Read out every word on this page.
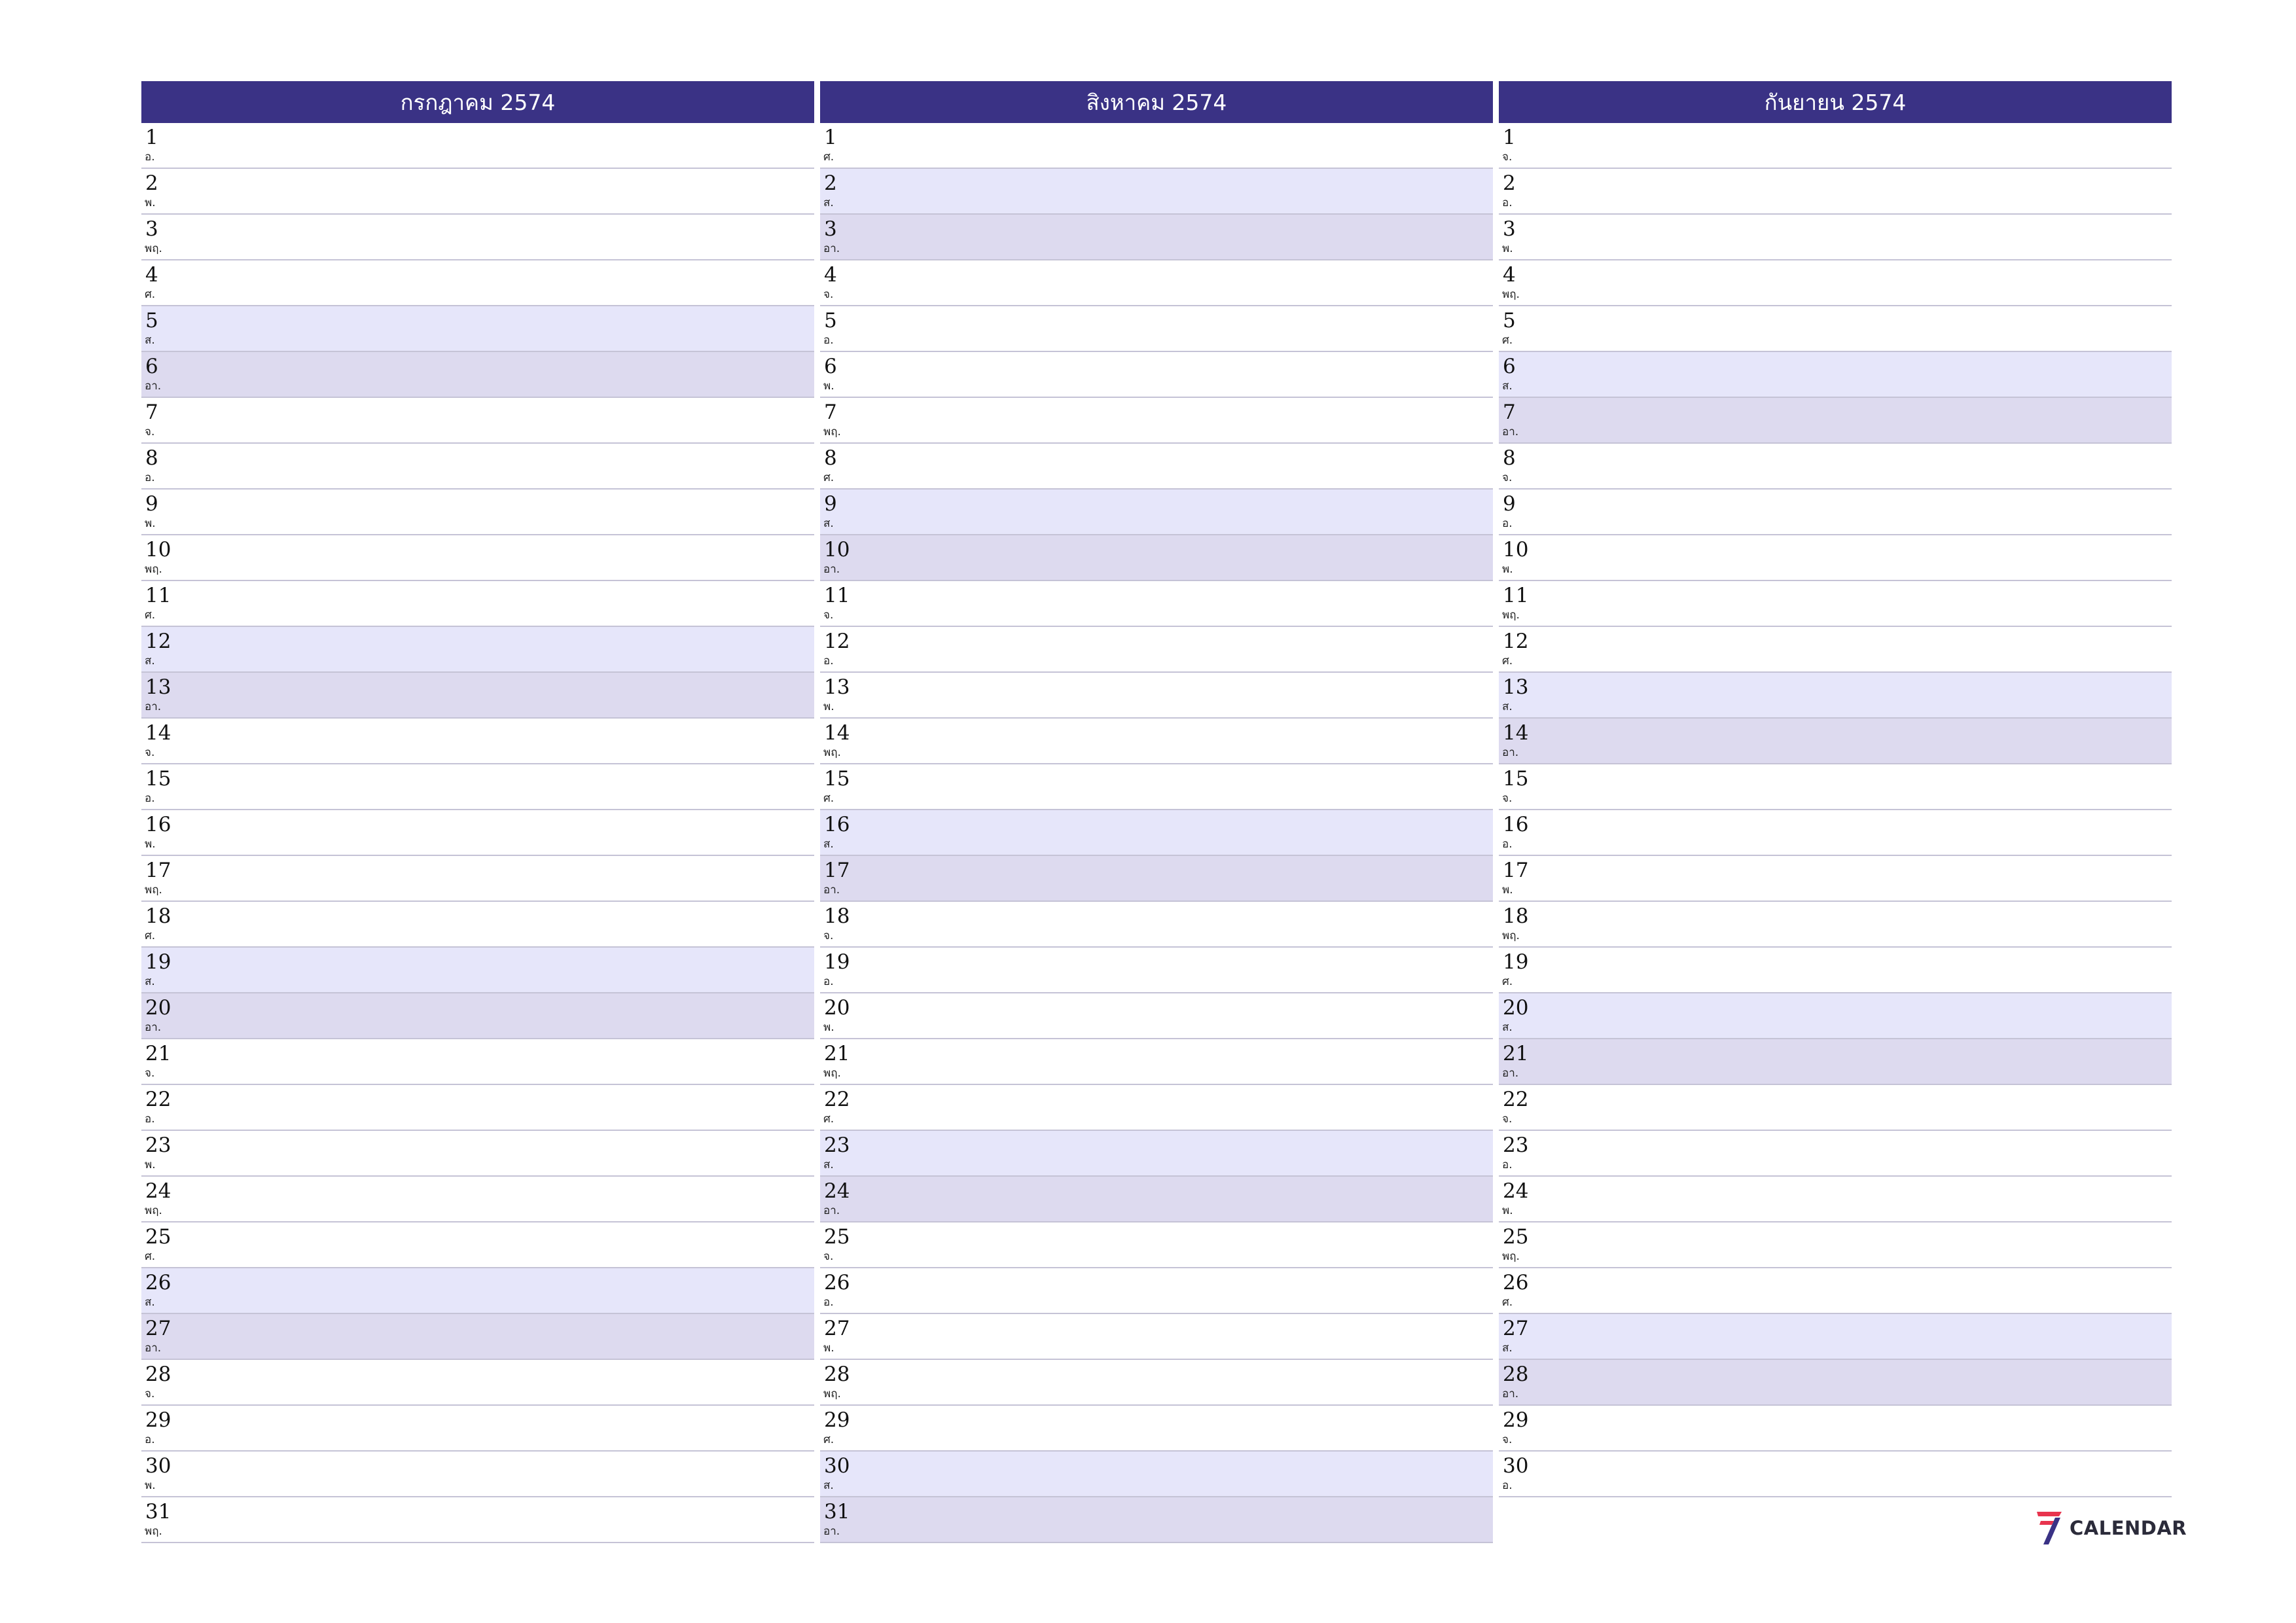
กรกฎาคม 2574
1
อ.
2
พ.
3
พฤ.
4
ศ.
5
ส.
6
อา.
7
จ.
8
อ.
9
พ.
10
พฤ.
11
ศ.
12
ส.
13
อา.
14
จ.
15
อ.
16
พ.
17
พฤ.
18
ศ.
19
ส.
20
อา.
21
จ.
22
อ.
23
พ.
24
พฤ.
25
ศ.
26
ส.
27
อา.
28
จ.
29
อ.
30
พ.
31
พฤ.
สิงหาคม 2574
1
ศ.
2
ส.
3
อา.
4
จ.
5
อ.
6
พ.
7
พฤ.
8
ศ.
9
ส.
10
อา.
11
จ.
12
อ.
13
พ.
14
พฤ.
15
ศ.
16
ส.
17
อา.
18
จ.
19
อ.
20
พ.
21
พฤ.
22
ศ.
23
ส.
24
อา.
25
จ.
26
อ.
27
พ.
28
พฤ.
29
ศ.
30
ส.
31
อา.
กันยายน 2574
1
จ.
2
อ.
3
พ.
4
พฤ.
5
ศ.
6
ส.
7
อา.
8
จ.
9
อ.
10
พ.
11
พฤ.
12
ศ.
13
ส.
14
อา.
15
จ.
16
อ.
17
พ.
18
พฤ.
19
ศ.
20
ส.
21
อา.
22
จ.
23
อ.
24
พ.
25
พฤ.
26
ศ.
27
ส.
28
อา.
29
จ.
30
อ.
CALENDAR
